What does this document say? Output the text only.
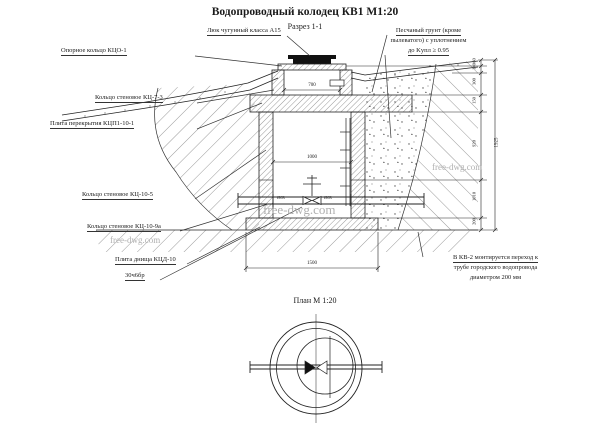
Водопроводный колодец КВ1 М1:20
Разрез 1-1
План М 1:20
Люк чугунный класса А15
Опорное кольцо КЦО-1
Кольцо стеновое КЦ-7-3
Плита перекрытия КЦП1-10-1
Кольцо стеновое КЦ-10-5
Кольцо стеновое КЦ-10-9а
Плита днища КЦД-10
30ч6бр
Песчаный грунт (кроме
пылеватого) с уплотнением
до Kупл ≥ 0.95
В КВ-2 монтируется переход к
трубе городского водопровода
диаметром 200 мм
free-dwg.com
free-dwg.com
free-dwg.com
700
1000
1500
Ø63	Ø63
60
140
300
150
920
1010
200
1925
